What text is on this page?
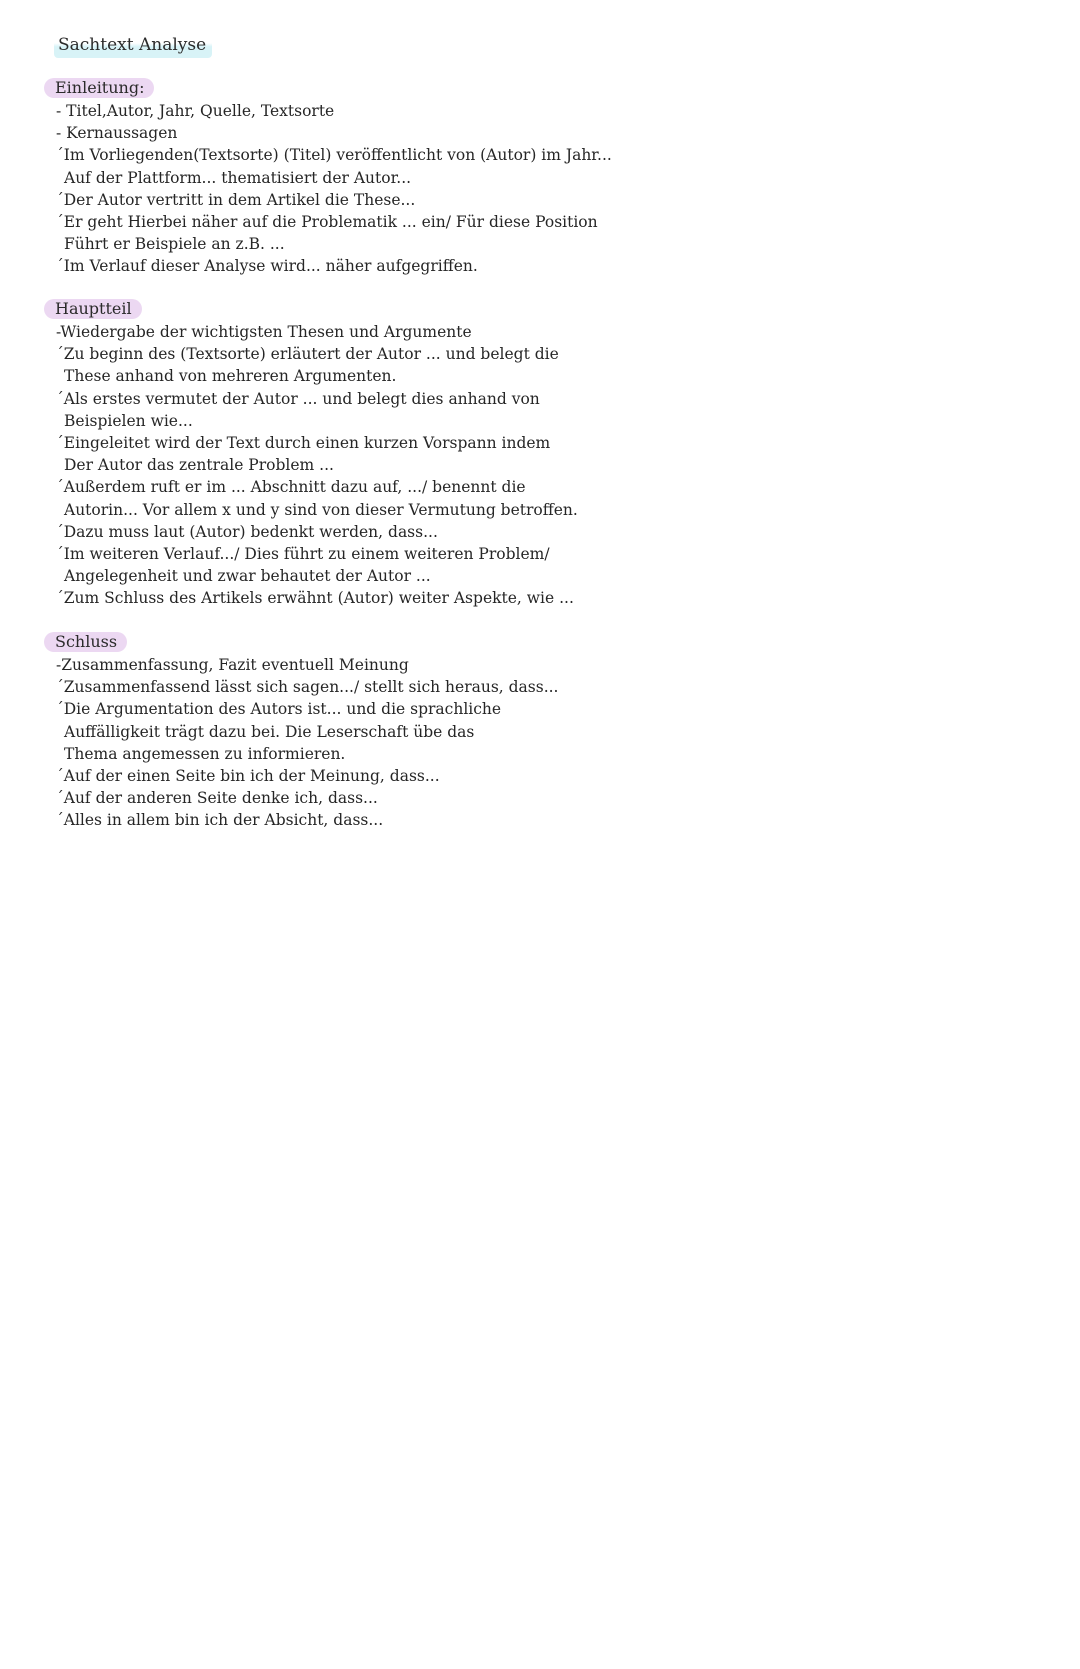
Sachtext Analyse
Einleitung:
- Titel,Autor, Jahr, Quelle, Textsorte
- Kernaussagen
´Im Vorliegenden(Textsorte) (Titel) veröffentlicht von (Autor) im Jahr...
Auf der Plattform... thematisiert der Autor...
´Der Autor vertritt in dem Artikel die These...
´Er geht Hierbei näher auf die Problematik ... ein/ Für diese Position
Führt er Beispiele an z.B. ...
´Im Verlauf dieser Analyse wird... näher aufgegriffen.
Hauptteil
-Wiedergabe der wichtigsten Thesen und Argumente
´Zu beginn des (Textsorte) erläutert der Autor ... und belegt die
These anhand von mehreren Argumenten.
´Als erstes vermutet der Autor ... und belegt dies anhand von
Beispielen wie...
´Eingeleitet wird der Text durch einen kurzen Vorspann indem
Der Autor das zentrale Problem ...
´Außerdem ruft er im ... Abschnitt dazu auf, .../ benennt die
Autorin... Vor allem x und y sind von dieser Vermutung betroffen.
´Dazu muss laut (Autor) bedenkt werden, dass...
´Im weiteren Verlauf.../ Dies führt zu einem weiteren Problem/
Angelegenheit und zwar behautet der Autor ...
´Zum Schluss des Artikels erwähnt (Autor) weiter Aspekte, wie ...
Schluss
-Zusammenfassung, Fazit eventuell Meinung
´Zusammenfassend lässt sich sagen.../ stellt sich heraus, dass...
´Die Argumentation des Autors ist... und die sprachliche
Auffälligkeit trägt dazu bei. Die Leserschaft übe das
Thema angemessen zu informieren.
´Auf der einen Seite bin ich der Meinung, dass...
´Auf der anderen Seite denke ich, dass...
´Alles in allem bin ich der Absicht, dass...
